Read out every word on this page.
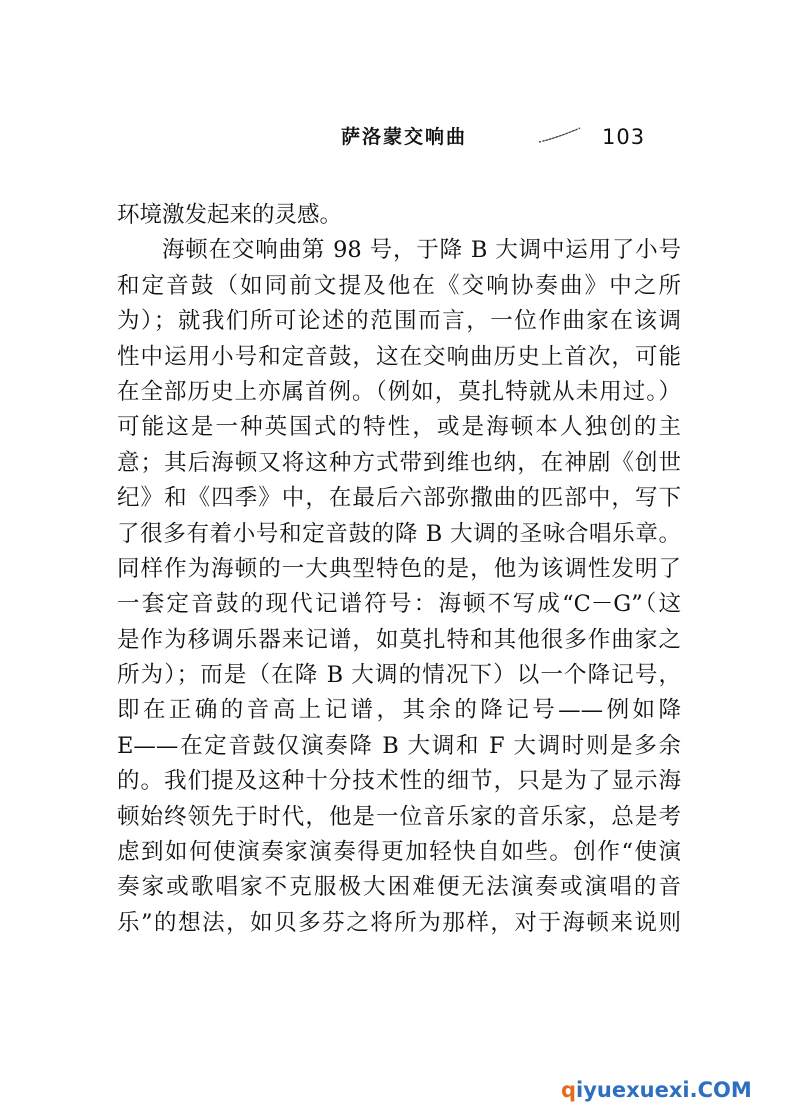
萨洛蒙交响曲	103
环境激发起来的灵感。
海顿在交响曲第 98 号，于降 B 大调中运用了小号
和定音鼓（如同前文提及他在《交响协奏曲》中之所
为）；就我们所可论述的范围而言，一位作曲家在该调
性中运用小号和定音鼓，这在交响曲历史上首次，可能
在全部历史上亦属首例。（例如，莫扎特就从未用过。）
可能这是一种英国式的特性，或是海顿本人独创的主
意；其后海顿又将这种方式带到维也纳，在神剧《创世
纪》和《四季》中，在最后六部弥撒曲的匹部中，写下
了很多有着小号和定音鼓的降 B 大调的圣咏合唱乐章。
同样作为海顿的一大典型特色的是，他为该调性发明了
一套定音鼓的现代记谱符号：海顿不写成“C－G”（这
是作为移调乐器来记谱，如莫扎特和其他很多作曲家之
所为）；而是（在降 B 大调的情况下）以一个降记号，
即在正确的音高上记谱，其余的降记号——例如降
E——在定音鼓仅演奏降 B 大调和 F 大调时则是多余
的。我们提及这种十分技术性的细节，只是为了显示海
顿始终领先于时代，他是一位音乐家的音乐家，总是考
虑到如何使演奏家演奏得更加轻快自如些。创作“使演
奏家或歌唱家不克服极大困难便无法演奏或演唱的音
乐”的想法，如贝多芬之将所为那样，对于海顿来说则
qiyuexuexi.COM
